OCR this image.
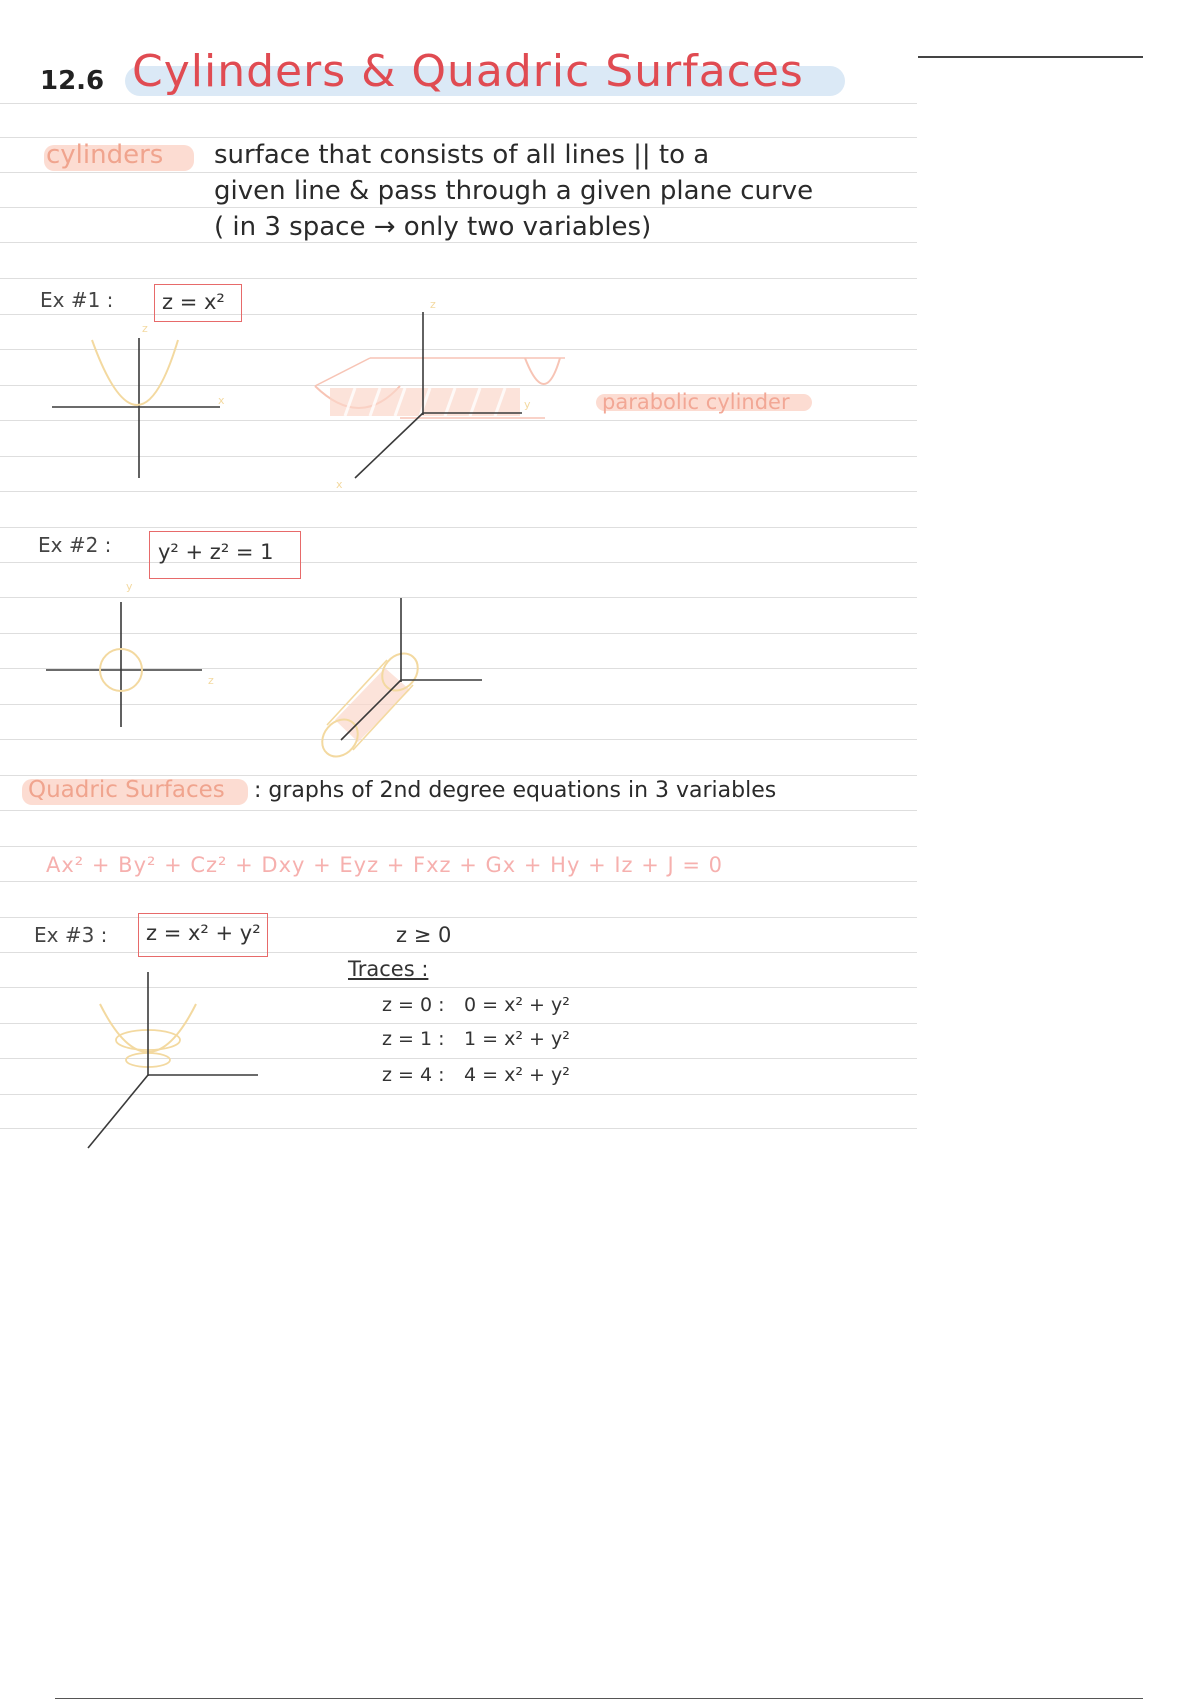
12.6 Cylinders & Quadric Surfaces
cylinders surface that consists of all lines || to a
given line & pass through a given plane curve
( in 3 space → only two variables)
Ex #1 : z = x²
z
x
z
y
x
y
z
parabolic cylinder
Ex #2 : y² + z² = 1
Quadric Surfaces : graphs of 2nd degree equations in 3 variables
Ax² + By² + Cz² + Dxy + Eyz + Fxz + Gx + Hy + Iz + J = 0
Ex #3 : z = x² + y²	z ≥ 0
Traces :
z = 0 : 0 = x² + y²
z = 1 : 1 = x² + y²
z = 4 : 4 = x² + y²
